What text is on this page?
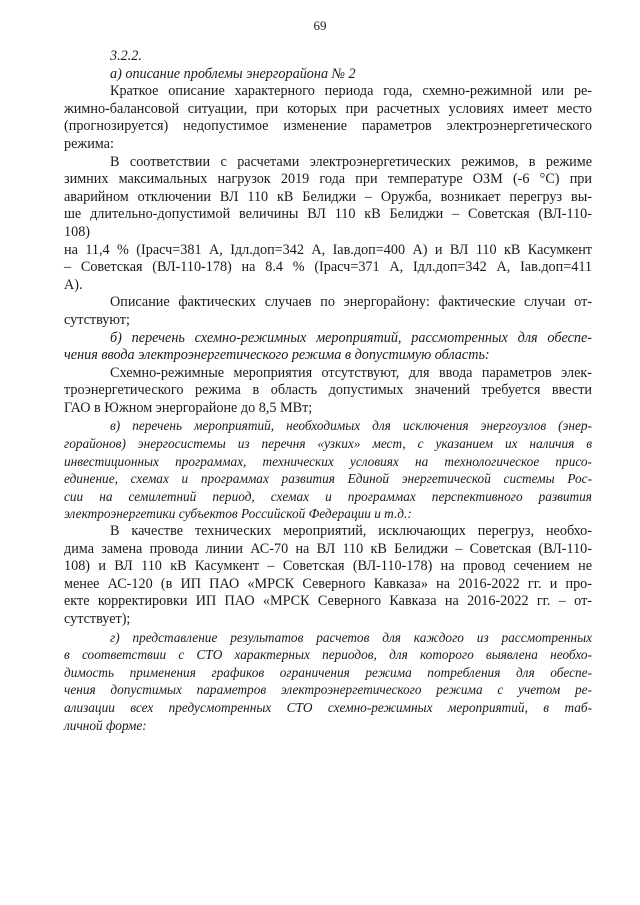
69
3.2.2.
а) описание проблемы энергорайона № 2
Краткое описание характерного периода года, схемно-режимной или ре-
жимно-балансовой ситуации, при которых при расчетных условиях имеет место
(прогнозируется) недопустимое изменение параметров электроэнергетического
режима:
В соответствии с расчетами электроэнергетических режимов, в режиме
зимних максимальных нагрузок 2019 года при температуре ОЗМ (-6 °С) при
аварийном отключении ВЛ 110 кВ Белиджи – Оружба, возникает перегруз вы-
ше длительно-допустимой величины ВЛ 110 кВ Белиджи – Советская (ВЛ-110-
108)
на 11,4 % (Iрасч=381 А, Iдл.доп=342 А, Iав.доп=400 А) и ВЛ 110 кВ Касумкент
– Советская (ВЛ-110-178) на 8.4 % (Iрасч=371 А, Iдл.доп=342 А, Iав.доп=411
А).
Описание фактических случаев по энергорайону: фактические случаи от-
сутствуют;
б) перечень схемно-режимных мероприятий, рассмотренных для обеспе-
чения ввода электроэнергетического режима в допустимую область:
Схемно-режимные мероприятия отсутствуют, для ввода параметров элек-
троэнергетического режима в область допустимых значений требуется ввести
ГАО в Южном энергорайоне до 8,5 МВт;
в) перечень мероприятий, необходимых для исключения энергоузлов (энер-
горайонов) энергосистемы из перечня «узких» мест, с указанием их наличия в
инвестиционных программах, технических условиях на технологическое присо-
единение, схемах и программах развития Единой энергетической системы Рос-
сии на семилетний период, схемах и программах перспективного развития
электроэнергетики субъектов Российской Федерации и т.д.:
В качестве технических мероприятий, исключающих перегруз, необхо-
дима замена провода линии АС-70 на ВЛ 110 кВ Белиджи – Советская (ВЛ-110-
108) и ВЛ 110 кВ Касумкент – Советская (ВЛ-110-178) на провод сечением не
менее АС-120 (в ИП ПАО «МРСК Северного Кавказа» на 2016-2022 гг. и про-
екте корректировки ИП ПАО «МРСК Северного Кавказа на 2016-2022 гг. – от-
сутствует);
г) представление результатов расчетов для каждого из рассмотренных
в соответствии с СТО характерных периодов, для которого выявлена необхо-
димость применения графиков ограничения режима потребления для обеспе-
чения допустимых параметров электроэнергетического режима с учетом ре-
ализации всех предусмотренных СТО схемно-режимных мероприятий, в таб-
личной форме:
